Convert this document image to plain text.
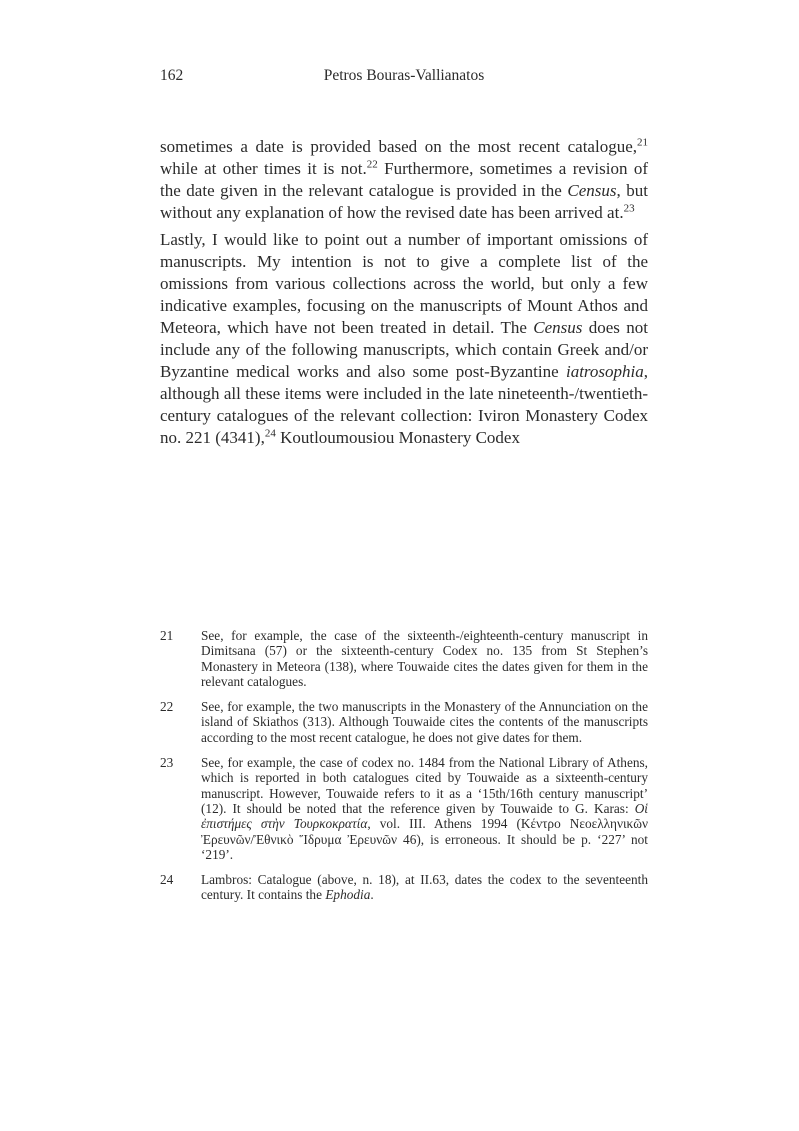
162	Petros Bouras-Vallianatos

sometimes a date is provided based on the most recent catalogue,$^{21}$ while at other times it is not.$^{22}$ Furthermore, sometimes a revision of the date given in the relevant catalogue is provided in the Census, but without any explanation of how the revised date has been arrived at.$^{23}$

Lastly, I would like to point out a number of important omissions of manuscripts. My intention is not to give a complete list of the omissions from various collections across the world, but only a few indicative examples, focusing on the manuscripts of Mount Athos and Meteora, which have not been treated in detail. The Census does not include any of the following manuscripts, which contain Greek and/or Byzantine medical works and also some post-Byzantine iatrosophia, although all these items were included in the late nineteenth-/twentieth-century catalogues of the relevant collection: Iviron Monastery Codex no. 221 (4341),$^{24}$ Koutloumousiou Monastery Codex

21	See, for example, the case of the sixteenth-/eighteenth-century manuscript in Dimitsana (57) or the sixteenth-century Codex no. 135 from St Stephen’s Monastery in Meteora (138), where Touwaide cites the dates given for them in the relevant catalogues.
22	See, for example, the two manuscripts in the Monastery of the Annunciation on the island of Skiathos (313). Although Touwaide cites the contents of the manuscripts according to the most recent catalogue, he does not give dates for them.
23	See, for example, the case of codex no. 1484 from the National Library of Athens, which is reported in both catalogues cited by Touwaide as a sixteenth-century manuscript. However, Touwaide refers to it as a ‘15th/16th century manuscript’ (12). It should be noted that the reference given by Touwaide to G. Karas: Οἱ ἐπιστήμες στὴν Τουρκοκρατία, vol. III. Athens 1994 (Κέντρο Νεοελληνικῶν Ἐρευνῶν/Ἐθνικὸ Ἵδρυμα Ἐρευνῶν 46), is erroneous. It should be p. ‘227’ not ‘219’.
24	Lambros: Catalogue (above, n. 18), at II.63, dates the codex to the seventeenth century. It contains the Ephodia.
